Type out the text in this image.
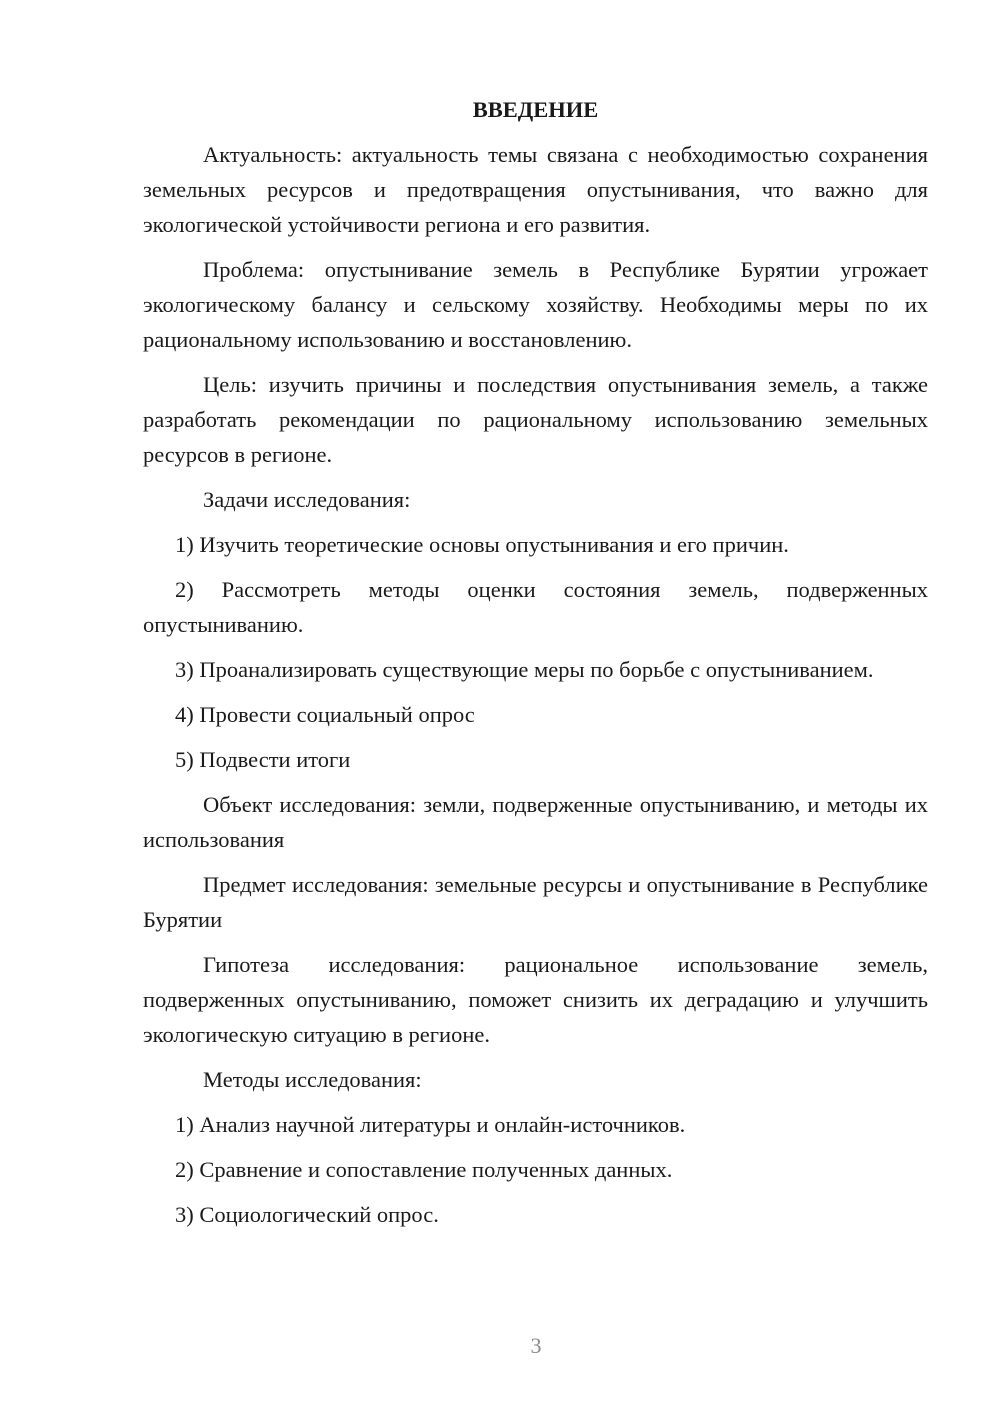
ВВЕДЕНИЕ

Актуальность: актуальность темы связана с необходимостью сохранения земельных ресурсов и предотвращения опустынивания, что важно для экологической устойчивости региона и его развития.

Проблема: опустынивание земель в Республике Бурятии угрожает экологическому балансу и сельскому хозяйству. Необходимы меры по их рациональному использованию и восстановлению.

Цель: изучить причины и последствия опустынивания земель, а также разработать рекомендации по рациональному использованию земельных ресурсов в регионе.

Задачи исследования:

1) Изучить теоретические основы опустынивания и его причин.

2) Рассмотреть методы оценки состояния земель, подверженных опустыниванию.

3) Проанализировать существующие меры по борьбе с опустыниванием.

4) Провести социальный опрос

5) Подвести итоги

Объект исследования: земли, подверженные опустыниванию, и методы их использования

Предмет исследования: земельные ресурсы и опустынивание в Республике Бурятии

Гипотеза исследования: рациональное использование земель, подверженных опустыниванию, поможет снизить их деградацию и улучшить экологическую ситуацию в регионе.

Методы исследования:

1) Анализ научной литературы и онлайн-источников.

2) Сравнение и сопоставление полученных данных.

3) Социологический опрос.

3
